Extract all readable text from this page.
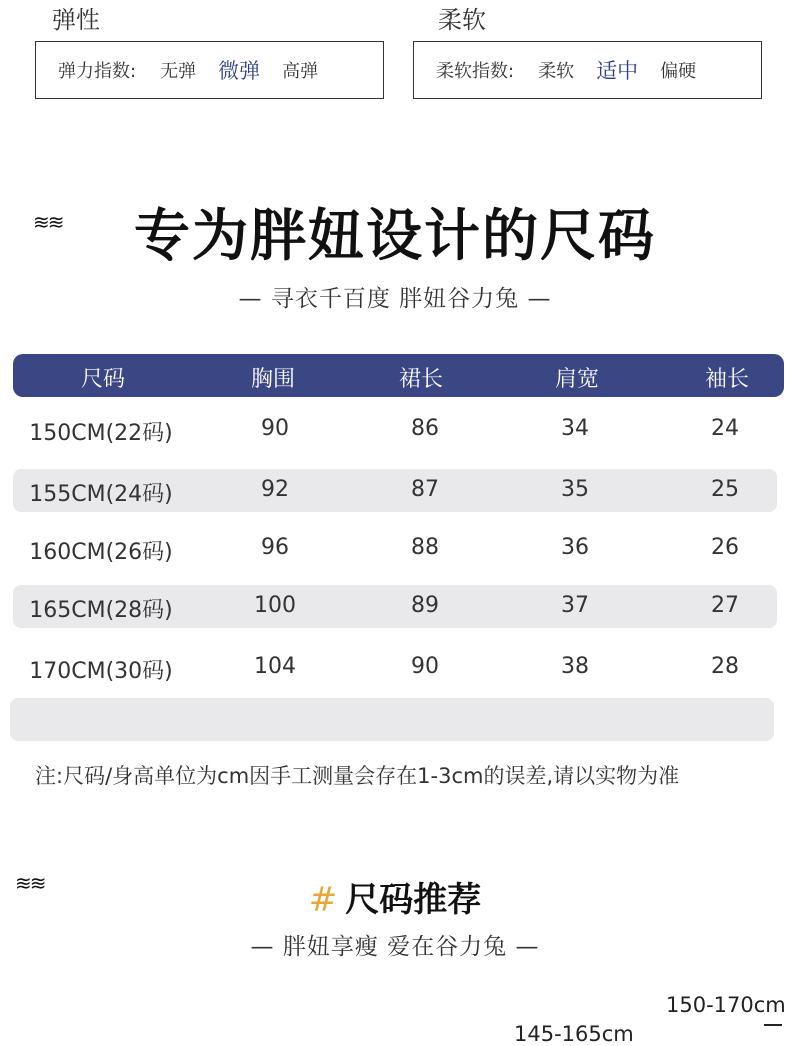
弹性
弹力指数: 无弹 微弹 高弹
柔软
柔软指数: 柔软 适中 偏硬
≋≋	专为胖妞设计的尺码
— 寻衣千百度 胖妞谷力兔 —
尺码	胸围	裙长	肩宽	袖长
150CM(22码)	90	86	34	24
155CM(24码)	92	87	35	25
160CM(26码)	96	88	36	26
165CM(28码)	100	89	37	27
170CM(30码)	104	90	38	28
注:尺码/身高单位为cm因手工测量会存在1-3cm的误差,请以实物为准
≋≋	# 尺码推荐
— 胖妞享瘦 爱在谷力兔 —
150-170cm
145-165cm
